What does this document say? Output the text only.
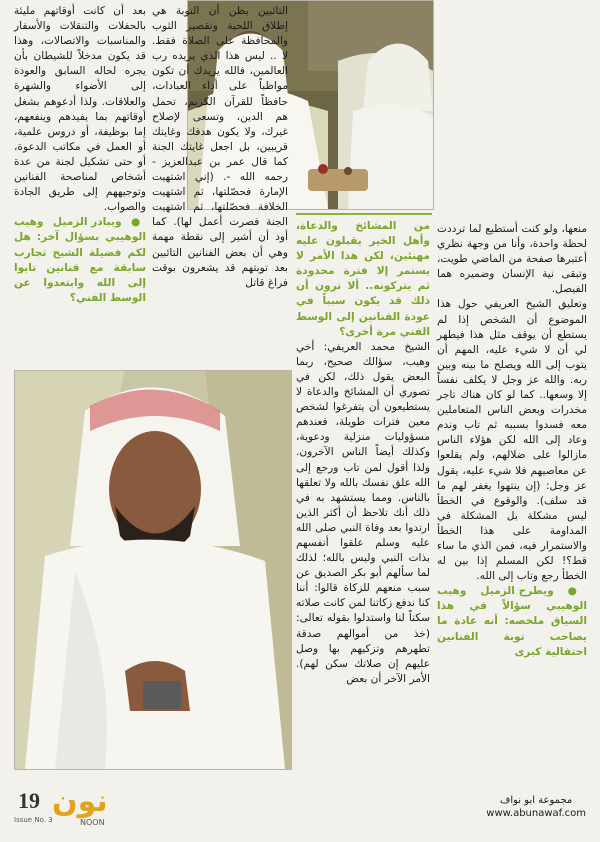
منعها، ولو كنت أستطيع لما ترددت لحظة واحدة، وأنا من وجهة نظري أعتبرها صفحة من الماضي طويت، وتبقى نية الإنسان وضميره هما الفيصل.

وتعليق الشيخ العريفي حول هذا الموضوع أن الشخص إذا لم يستطع أن يوقف مثل هذا فيطهر لي أن لا شيء عليه، المهم أن يتوب إلى الله ويصلح ما بينه وبين ربه. والله عز وجل لا يكلف نفساً إلا وسعها.. كما لو كان هناك تاجر مخدرات وبعض الناس المتعاملين معه فسدوا بسببه ثم تاب وندم وعاد إلى الله لكن هؤلاء الناس مازالوا على ضلالهم، ولم يقلعوا عن معاصيهم فلا شيء عليه، يقول عز وجل: (إن ينتهوا يغفر لهم ما قد سلف). والوقوع في الخطأ ليس مشكلة بل المشكلة في المداومة على هذا الخطأ والاستمرار فيه، فمن الذي ما ساء قط؟! لكن المسلم إذا بين له الخطأ رجع وتاب إلى الله.

● ويطرح الزميل وهيب الوهيبي سؤالاً في هذا السياق ملخصه: أنه عادة ما يصاحب توبة الفنانين احتفالية كبرى

من المشائخ والدعاة، وأهل الخير يقبلون عليه مهنئين، لكن هذا الأمر لا يستمر إلا فترة محدودة ثم يتركونه.. ألا ترون أن ذلك قد يكون سبباً في عودة الفنانين إلى الوسط الفني مرة أخرى؟

الشيخ محمد العريفي: أخي وهيب، سؤالك صحيح، ربما البعض يقول ذلك، لكن في تصوري أن المشائخ والدعاة لا يستطيعون أن يتفرغوا لشخص معين فترات طويلة، فعندهم مسؤوليات منزلية ودعوية، وكذلك أيضاً الناس الآخرون. ولذا أقول لمن تاب ورجع إلى الله علق نفسك بالله ولا تعلقها بالناس. ومما يستشهد به في ذلك أنك تلاحظ أن أكثر الذين ارتدوا بعد وفاة النبي صلى الله عليه وسلم علقوا أنفسهم بذات النبي وليس بالله؛ لذلك لما سألهم أبو بكر الصديق عن سبب منعهم للزكاة قالوا: أننا كنا ندفع زكاتنا لمن كانت صلاته سكناً لنا واستدلوا بقوله تعالى: (خذ من أموالهم صدقة تطهرهم وتزكيهم بها وصل عليهم إن صلاتك سكن لهم). الأمر الآخر أن بعض

التائبين يظن أن التوبة هي إطلاق اللحية وتقصير الثوب والمحافظة على الصلاة فقط. لا .. ليس هذا الذي يريده رب العالمين، فالله يريدك أن تكون مواظباً على أداء العبادات، حافظاً للقرآن الكريم، تحمل هم الدين، وتسعى لإصلاح غيرك، ولا يكون هدفك وغايتك قريبين، بل اجعل غايتك الجنة كما قال عمر بن عبدالعزيز - رحمه الله -. (إني اشتهيت الإمارة فحصّلتها، ثم اشتهيت الخلافة فحصّلتها، ثم اشتهيت الجنة فصرت أعمل لها). كما أود أن أشير إلى نقطة مهمة وهي أن بعض الفنانين التائبين بعد توبتهم قد يشعرون بوقت فراغ قاتل

بعد أن كانت أوقاتهم مليئة بالحفلات والتنقلات والأسفار والمناسبات والاتصالات، وهذا قد يكون مدخلاً للشيطان بأن يجره لحاله السابق والعودة إلى الأضواء والشهرة والعلاقات. ولذا أدعوهم بشغل أوقاتهم بما يفيدهم وينفعهم، إما بوظيفة، أو دروس علمية، أو العمل في مكاتب الدعوة، أو حتى تشكيل لجنة من عدة أشخاص لمناصحة الفنانين وتوجيههم إلى طريق الجادة والصواب.

● ويبادر الزميل وهيب الوهيبي بسؤال آخر: هل لكم فضيلة الشيخ تجارب سابقة مع فنانين تابوا إلى الله وابتعدوا عن الوسط الفني؟

19
Issue No. 3
نون
NOON
مجموعة ابو نواف
www.abunawaf.com
